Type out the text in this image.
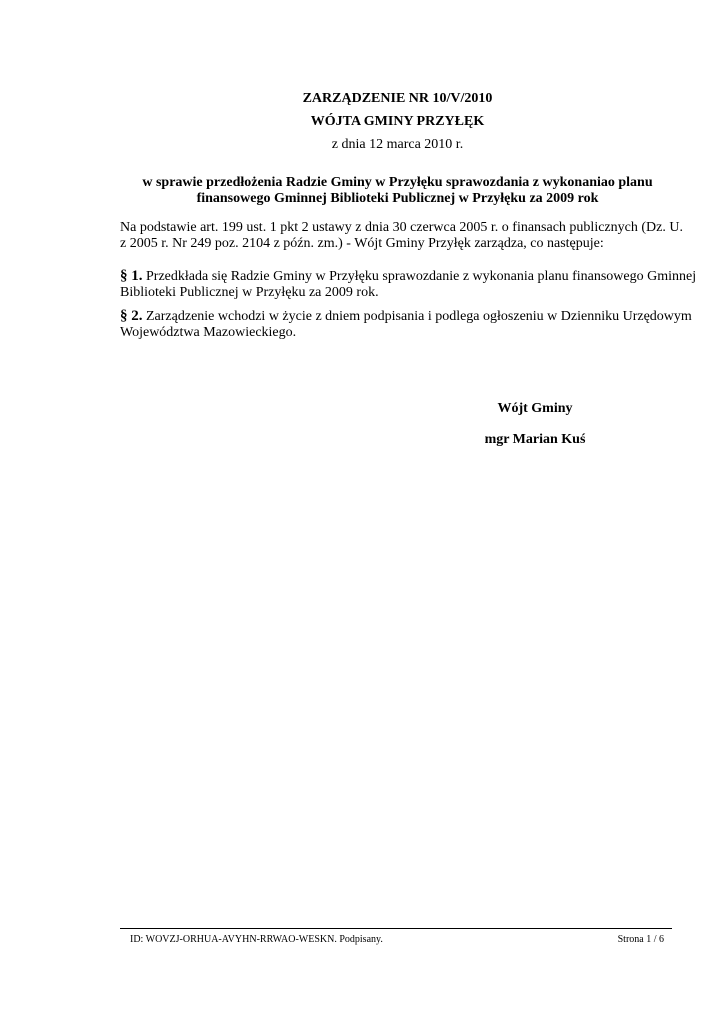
ZARZĄDZENIE NR 10/V/2010
WÓJTA GMINY PRZYŁĘK
z dnia 12 marca 2010 r.
w sprawie przedłożenia Radzie Gminy w Przyłęku sprawozdania z wykonaniao planu
finansowego Gminnej Biblioteki Publicznej w Przyłęku za 2009 rok
Na podstawie art. 199 ust. 1 pkt 2 ustawy z dnia 30 czerwca 2005 r. o finansach publicznych (Dz. U.
z 2005 r. Nr 249 poz. 2104 z późn. zm.) - Wójt Gminy Przyłęk zarządza, co następuje:
§ 1. Przedkłada się Radzie Gminy w Przyłęku sprawozdanie z wykonania planu finansowego Gminnej
Biblioteki Publicznej w Przyłęku za 2009 rok.
§ 2. Zarządzenie wchodzi w życie z dniem podpisania i podlega ogłoszeniu w Dzienniku Urzędowym
Województwa Mazowieckiego.
Wójt Gminy
mgr Marian Kuś
ID: WOVZJ-ORHUA-AVYHN-RRWAO-WESKN. Podpisany.	Strona 1 / 6
